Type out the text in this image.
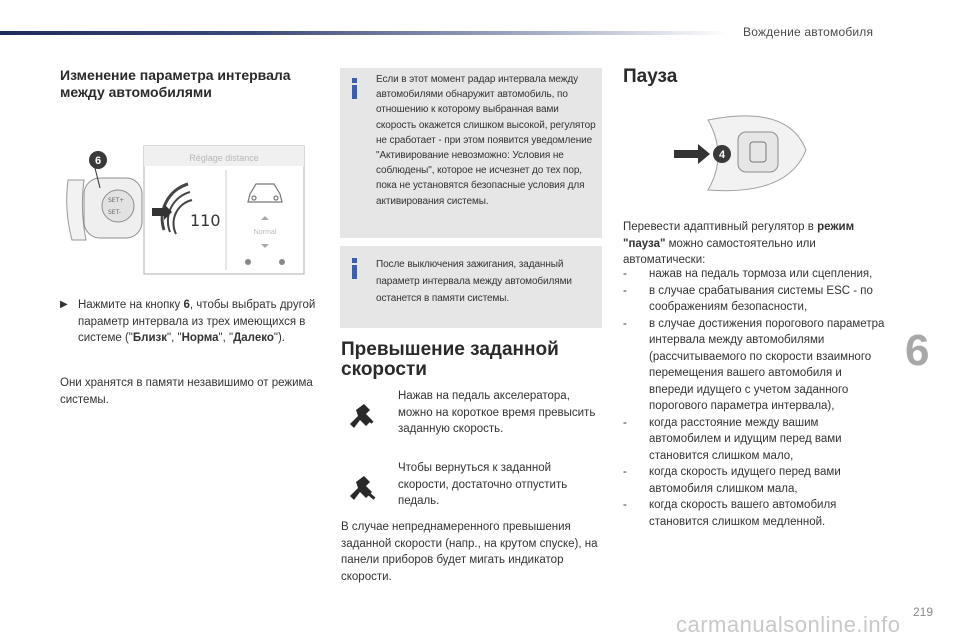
Вождение автомобиля
Изменение параметра интервала между автомобилями
SET+
SET-
6	Réglage distance
110
Normal
▶ Нажмите на кнопку 6, чтобы выбрать другой параметр интервала из трех имеющихся в системе ("Близк", "Норма", "Далеко").
Они хранятся в памяти незавишимо от режима системы.
Если в этот момент радар интервала между автомобилями обнаружит автомобиль, по отношению к которому выбранная вами скорость окажется слишком высокой, регулятор не сработает - при этом появится уведомление "Активирование невозможно: Условия не соблюдены", которое не исчезнет до тех пор, пока не установятся безопасные условия для активирования системы.
После выключения зажигания, заданный параметр интервала между автомобилями останется в памяти системы.
Превышение заданной скорости
Нажав на педаль акселератора, можно на короткое время превысить заданную скорость.
Чтобы вернуться к заданной скорости, достаточно отпустить педаль.
В случае непреднамеренного превышения заданной скорости (напр., на крутом спуске), на панели приборов будет мигать индикатор скорости.
Пауза
4
Перевести адаптивный регулятор в режим "пауза" можно самостоятельно или автоматически:
- нажав на педаль тормоза или сцепления,
- в случае срабатывания системы ESC - по соображениям безопасности,
- в случае достижения порогового параметра интервала между автомобилями (рассчитываемого по скорости взаимного перемещения вашего автомобиля и впереди идущего с учетом заданного порогового параметра интервала),
- когда расстояние между вашим автомобилем и идущим перед вами становится слишком мало,
- когда скорость идущего перед вами автомобиля слишком мала,
- когда скорость вашего автомобиля становится слишком медленной.
6
carmanualsonline.info 219
